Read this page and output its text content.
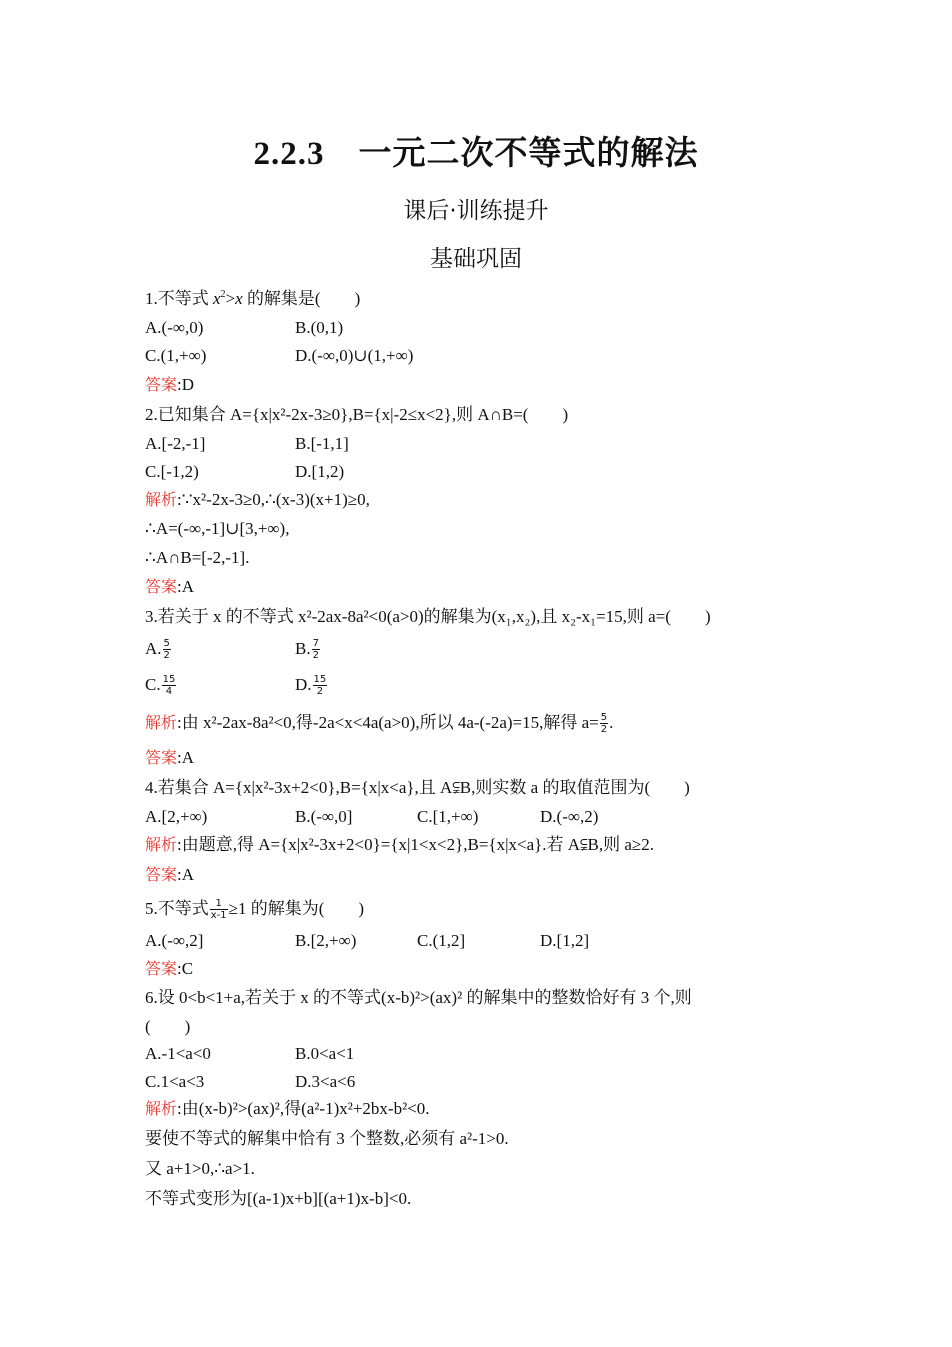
2.2.3 一元二次不等式的解法
课后·训练提升
基础巩固
1.不等式 $x^2>x$ 的解集是(　　)
A.(-∞,0)	B.(0,1)
C.(1,+∞)	D.(-∞,0)∪(1,+∞)
答案:D
2.已知集合 A={x|x²-2x-3≥0},B={x|-2≤x<2},则 A∩B=(　　)
A.[-2,-1]	B.[-1,1]
C.[-1,2)	D.[1,2)
解析:∵x²-2x-3≥0,∴(x-3)(x+1)≥0,
∴A=(-∞,-1]∪[3,+∞),
∴A∩B=[-2,-1].
答案:A
3.若关于 x 的不等式 x²-2ax-8a²<0(a>0)的解集为(x₁,x₂),且 x₂-x₁=15,则 a=(　　)
A. $\frac{5}{2}$	B. $\frac{7}{2}$
C. $\frac{15}{4}$	D. $\frac{15}{2}$
解析:由 x²-2ax-8a²<0,得-2a<x<4a(a>0),所以 4a-(-2a)=15,解得 $a= \frac{5}{2}$ .
答案:A
4.若集合 A={x|x²-3x+2<0},B={x|x<a},且 A⫋B,则实数 a 的取值范围为(　　)
A.[2,+∞)	B.(-∞,0]	C.[1,+∞)	D.(-∞,2)
解析:由题意,得 A={x|x²-3x+2<0}={x|1<x<2},B={x|x<a}.若 A⫋B,则 a≥2.
答案:A
5.不等式 $\frac{1}{x-1} \ge 1$ 的解集为(　　)
A.(-∞,2]	B.[2,+∞)	C.(1,2]	D.[1,2]
答案:C
6.设 0<b<1+a,若关于 x 的不等式(x-b)²>(ax)² 的解集中的整数恰好有 3 个,则
(　　)
A.-1<a<0	B.0<a<1
C.1<a<3	D.3<a<6
解析:由(x-b)²>(ax)²,得(a²-1)x²+2bx-b²<0.
要使不等式的解集中恰有 3 个整数,必须有 a²-1>0.
又 a+1>0,∴a>1.
不等式变形为[(a-1)x+b][(a+1)x-b]<0.
